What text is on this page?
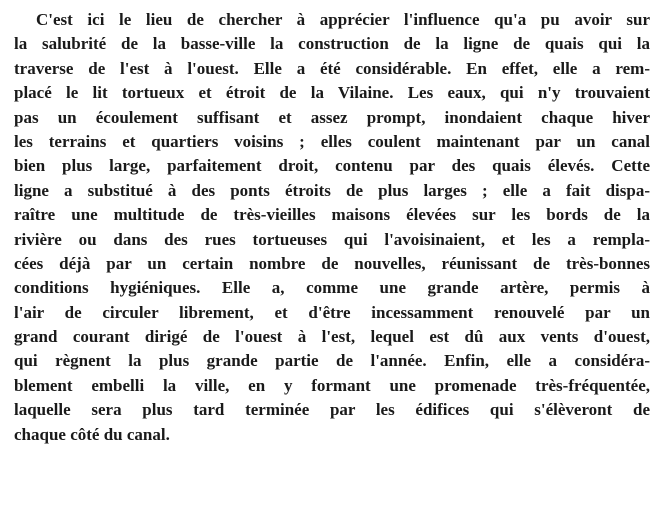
C'est ici le lieu de chercher à apprécier l'influence qu'a pu avoir sur
la salubrité de la basse-ville la construction de la ligne de quais qui la
traverse de l'est à l'ouest. Elle a été considérable. En effet, elle a rem-
placé le lit tortueux et étroit de la Vilaine. Les eaux, qui n'y trouvaient
pas un écoulement suffisant et assez prompt, inondaient chaque hiver
les terrains et quartiers voisins ; elles coulent maintenant par un canal
bien plus large, parfaitement droit, contenu par des quais élevés. Cette
ligne a substitué à des ponts étroits de plus larges ; elle a fait dispa-
raître une multitude de très-vieilles maisons élevées sur les bords de la
rivière ou dans des rues tortueuses qui l'avoisinaient, et les a rempla-
cées déjà par un certain nombre de nouvelles, réunissant de très-bonnes
conditions hygiéniques. Elle a, comme une grande artère, permis à
l'air de circuler librement, et d'être incessamment renouvelé par un
grand courant dirigé de l'ouest à l'est, lequel est dû aux vents d'ouest,
qui règnent la plus grande partie de l'année. Enfin, elle a considéra-
blement embelli la ville, en y formant une promenade très-fréquentée,
laquelle sera plus tard terminée par les édifices qui s'élèveront de
chaque côté du canal.
